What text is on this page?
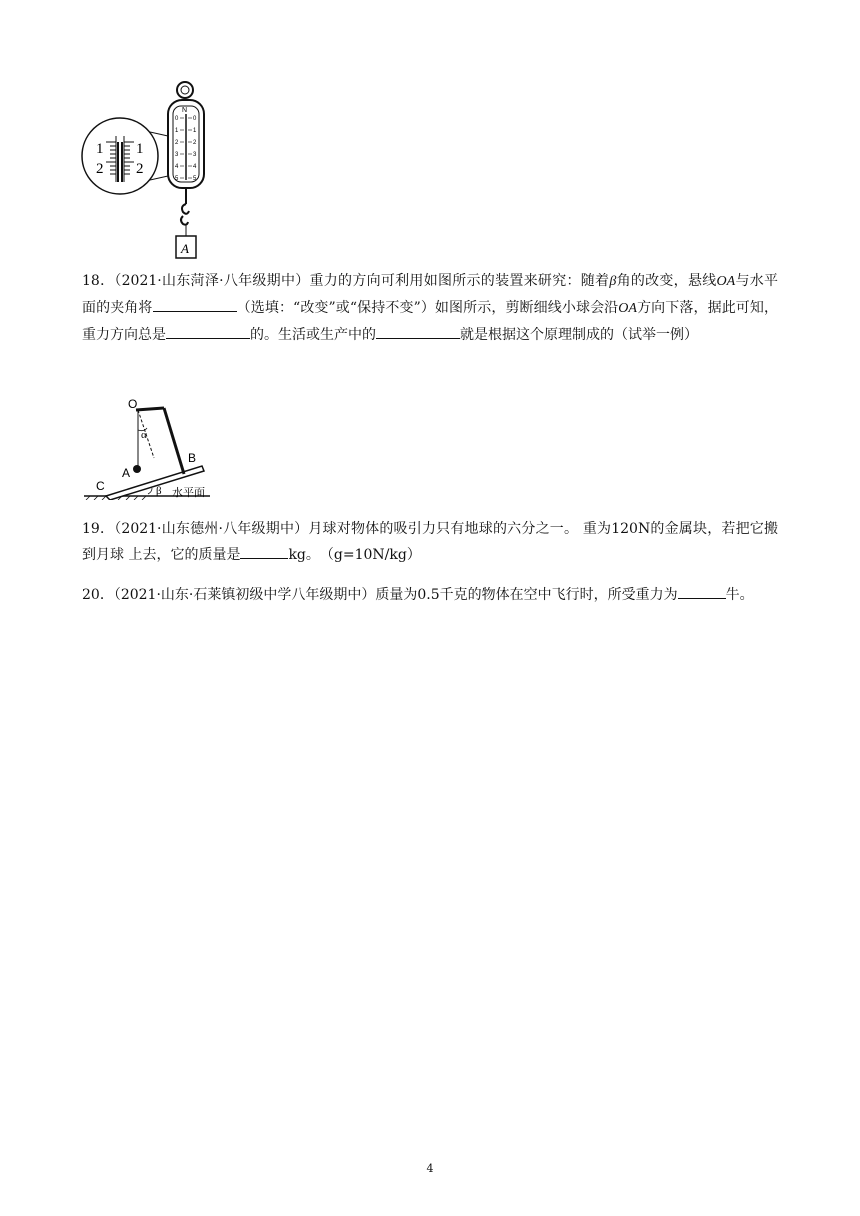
1
2
1
2
N
0
1
2
3
4
5
0
1
2
3
4
5
A

18．（2021·山东菏泽·八年级期中）重力的方向可利用如图所示的装置来研究：随着β角的改变，悬线OA与水平面的夹角将	（选填：“改变”或“保持不变”）如图所示，剪断细线小球会沿OA方向下落，据此可知，重力方向总是	的。生活或生产中的	就是根据这个原理制成的（试举一例）

O
α
A
B
C	β 水平面

19．（2021·山东德州·八年级期中）月球对物体的吸引力只有地球的六分之一。 重为120N的金属块，若把它搬到月球 上去，它的质量是	kg。　（g=10N/kg）

20．（2021·山东·石莱镇初级中学八年级期中）质量为0.5千克的物体在空中飞行时，所受重力为	牛。

4
